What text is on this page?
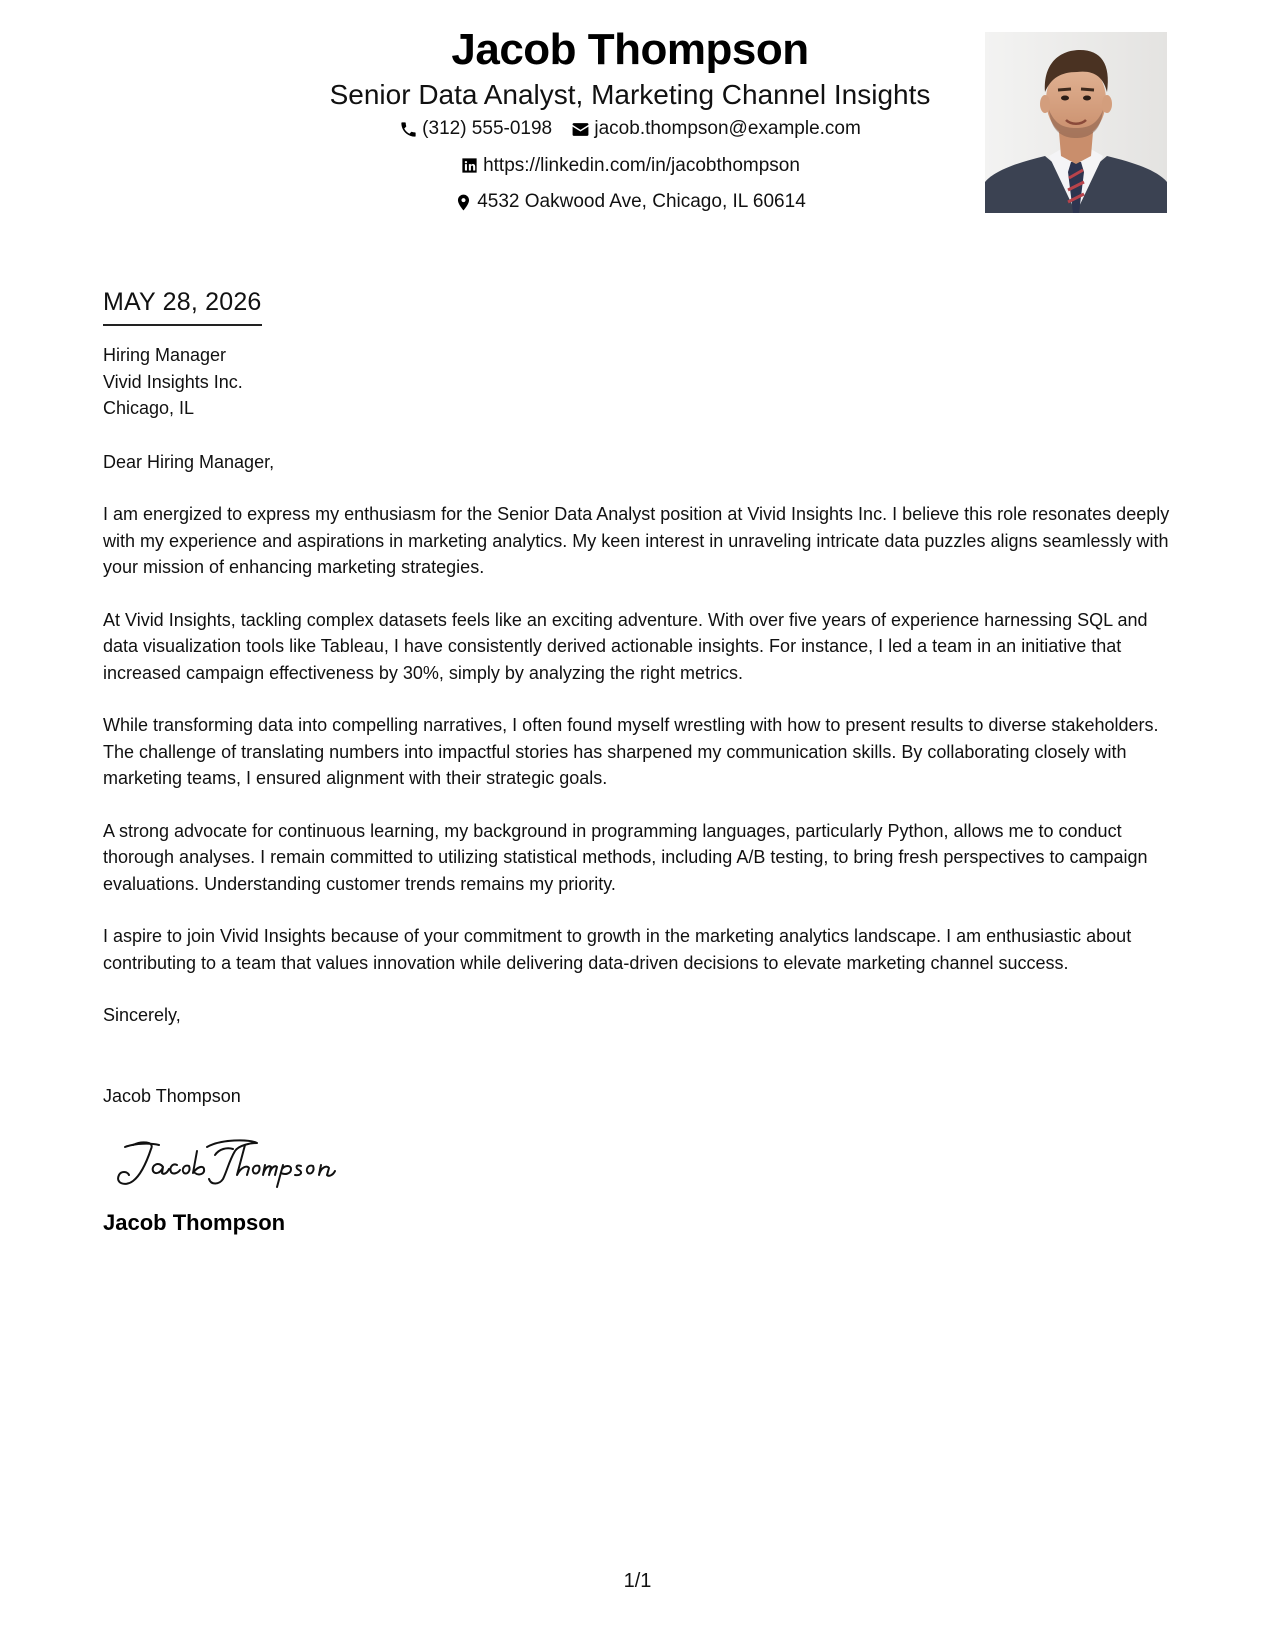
Jacob Thompson
Senior Data Analyst, Marketing Channel Insights
(312) 555-0198
jacob.thompson@example.com
https://linkedin.com/in/jacobthompson
4532 Oakwood Ave, Chicago, IL 60614
MAY 28, 2026
Hiring Manager
Vivid Insights Inc.
Chicago, IL
Dear Hiring Manager,
I am energized to express my enthusiasm for the Senior Data Analyst position at Vivid Insights Inc. I believe this role resonates deeply with my experience and aspirations in marketing analytics. My keen interest in unraveling intricate data puzzles aligns seamlessly with your mission of enhancing marketing strategies.
At Vivid Insights, tackling complex datasets feels like an exciting adventure. With over five years of experience harnessing SQL and data visualization tools like Tableau, I have consistently derived actionable insights. For instance, I led a team in an initiative that increased campaign effectiveness by 30%, simply by analyzing the right metrics.
While transforming data into compelling narratives, I often found myself wrestling with how to present results to diverse stakeholders. The challenge of translating numbers into impactful stories has sharpened my communication skills. By collaborating closely with marketing teams, I ensured alignment with their strategic goals.
A strong advocate for continuous learning, my background in programming languages, particularly Python, allows me to conduct thorough analyses. I remain committed to utilizing statistical methods, including A/B testing, to bring fresh perspectives to campaign evaluations. Understanding customer trends remains my priority.
I aspire to join Vivid Insights because of your commitment to growth in the marketing analytics landscape. I am enthusiastic about contributing to a team that values innovation while delivering data-driven decisions to elevate marketing channel success.
Sincerely,
Jacob Thompson
Jacob Thompson
1/1
